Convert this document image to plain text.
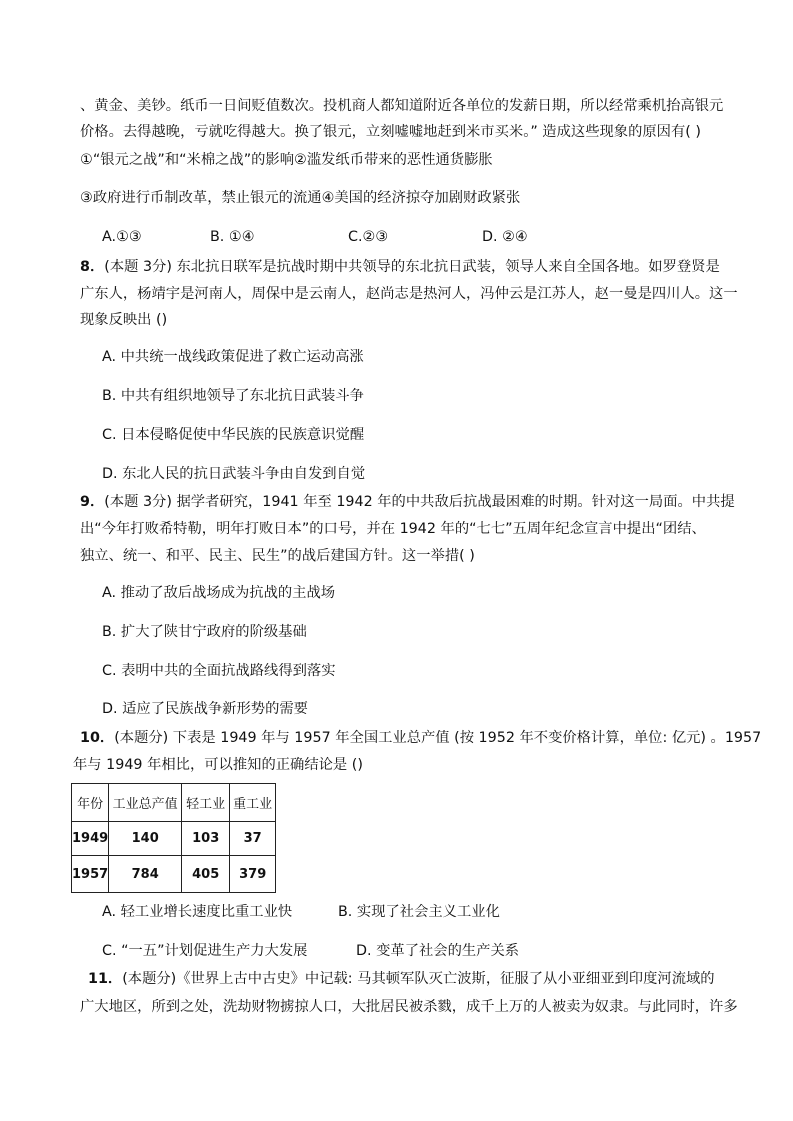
、黄金、美钞。纸币一日间贬值数次。投机商人都知道附近各单位的发薪日期，所以经常乘机抬高银元
价格。去得越晚，亏就吃得越大。换了银元，立刻嘘嘘地赶到米市买米。” 造成这些现象的原因有( )
①“银元之战”和“米棉之战”的影响②滥发纸币带来的恶性通货膨胀
③政府进行币制改革，禁止银元的流通④美国的经济掠夺加剧财政紧张
A.①③	B. ①④	C.②③	D. ②④
8．(本题 3分) 东北抗日联军是抗战时期中共领导的东北抗日武装，领导人来自全国各地。如罗登贤是
广东人，杨靖宇是河南人，周保中是云南人，赵尚志是热河人，冯仲云是江苏人，赵一曼是四川人。这一
现象反映出 ()
A. 中共统一战线政策促进了救亡运动高涨
B. 中共有组织地领导了东北抗日武装斗争
C. 日本侵略促使中华民族的民族意识觉醒
D. 东北人民的抗日武装斗争由自发到自觉
9．(本题 3分) 据学者研究，1941 年至 1942 年的中共敌后抗战最困难的时期。针对这一局面。中共提
出“今年打败希特勒，明年打败日本”的口号，并在 1942 年的“七七”五周年纪念宣言中提出“团结、
独立、统一、和平、民主、民生”的战后建国方针。这一举措( )
A. 推动了敌后战场成为抗战的主战场
B. 扩大了陕甘宁政府的阶级基础
C. 表明中共的全面抗战路线得到落实
D. 适应了民族战争新形势的需要
10．(本题分) 下表是 1949 年与 1957 年全国工业总产值 (按 1952 年不变价格计算，单位: 亿元) 。1957
年与 1949 年相比，可以推知的正确结论是 ()
年份	工业总产值	轻工业	重工业
1949	140	103	37
1957	784	405	379
A. 轻工业增长速度比重工业快	B. 实现了社会主义工业化
C. “一五”计划促进生产力大发展	D. 变革了社会的生产关系
11．(本题分)《世界上古中古史》中记载: 马其顿军队灭亡波斯，征服了从小亚细亚到印度河流域的
广大地区，所到之处，洗劫财物掳掠人口，大批居民被杀戮，成千上万的人被卖为奴隶。与此同时，许多
